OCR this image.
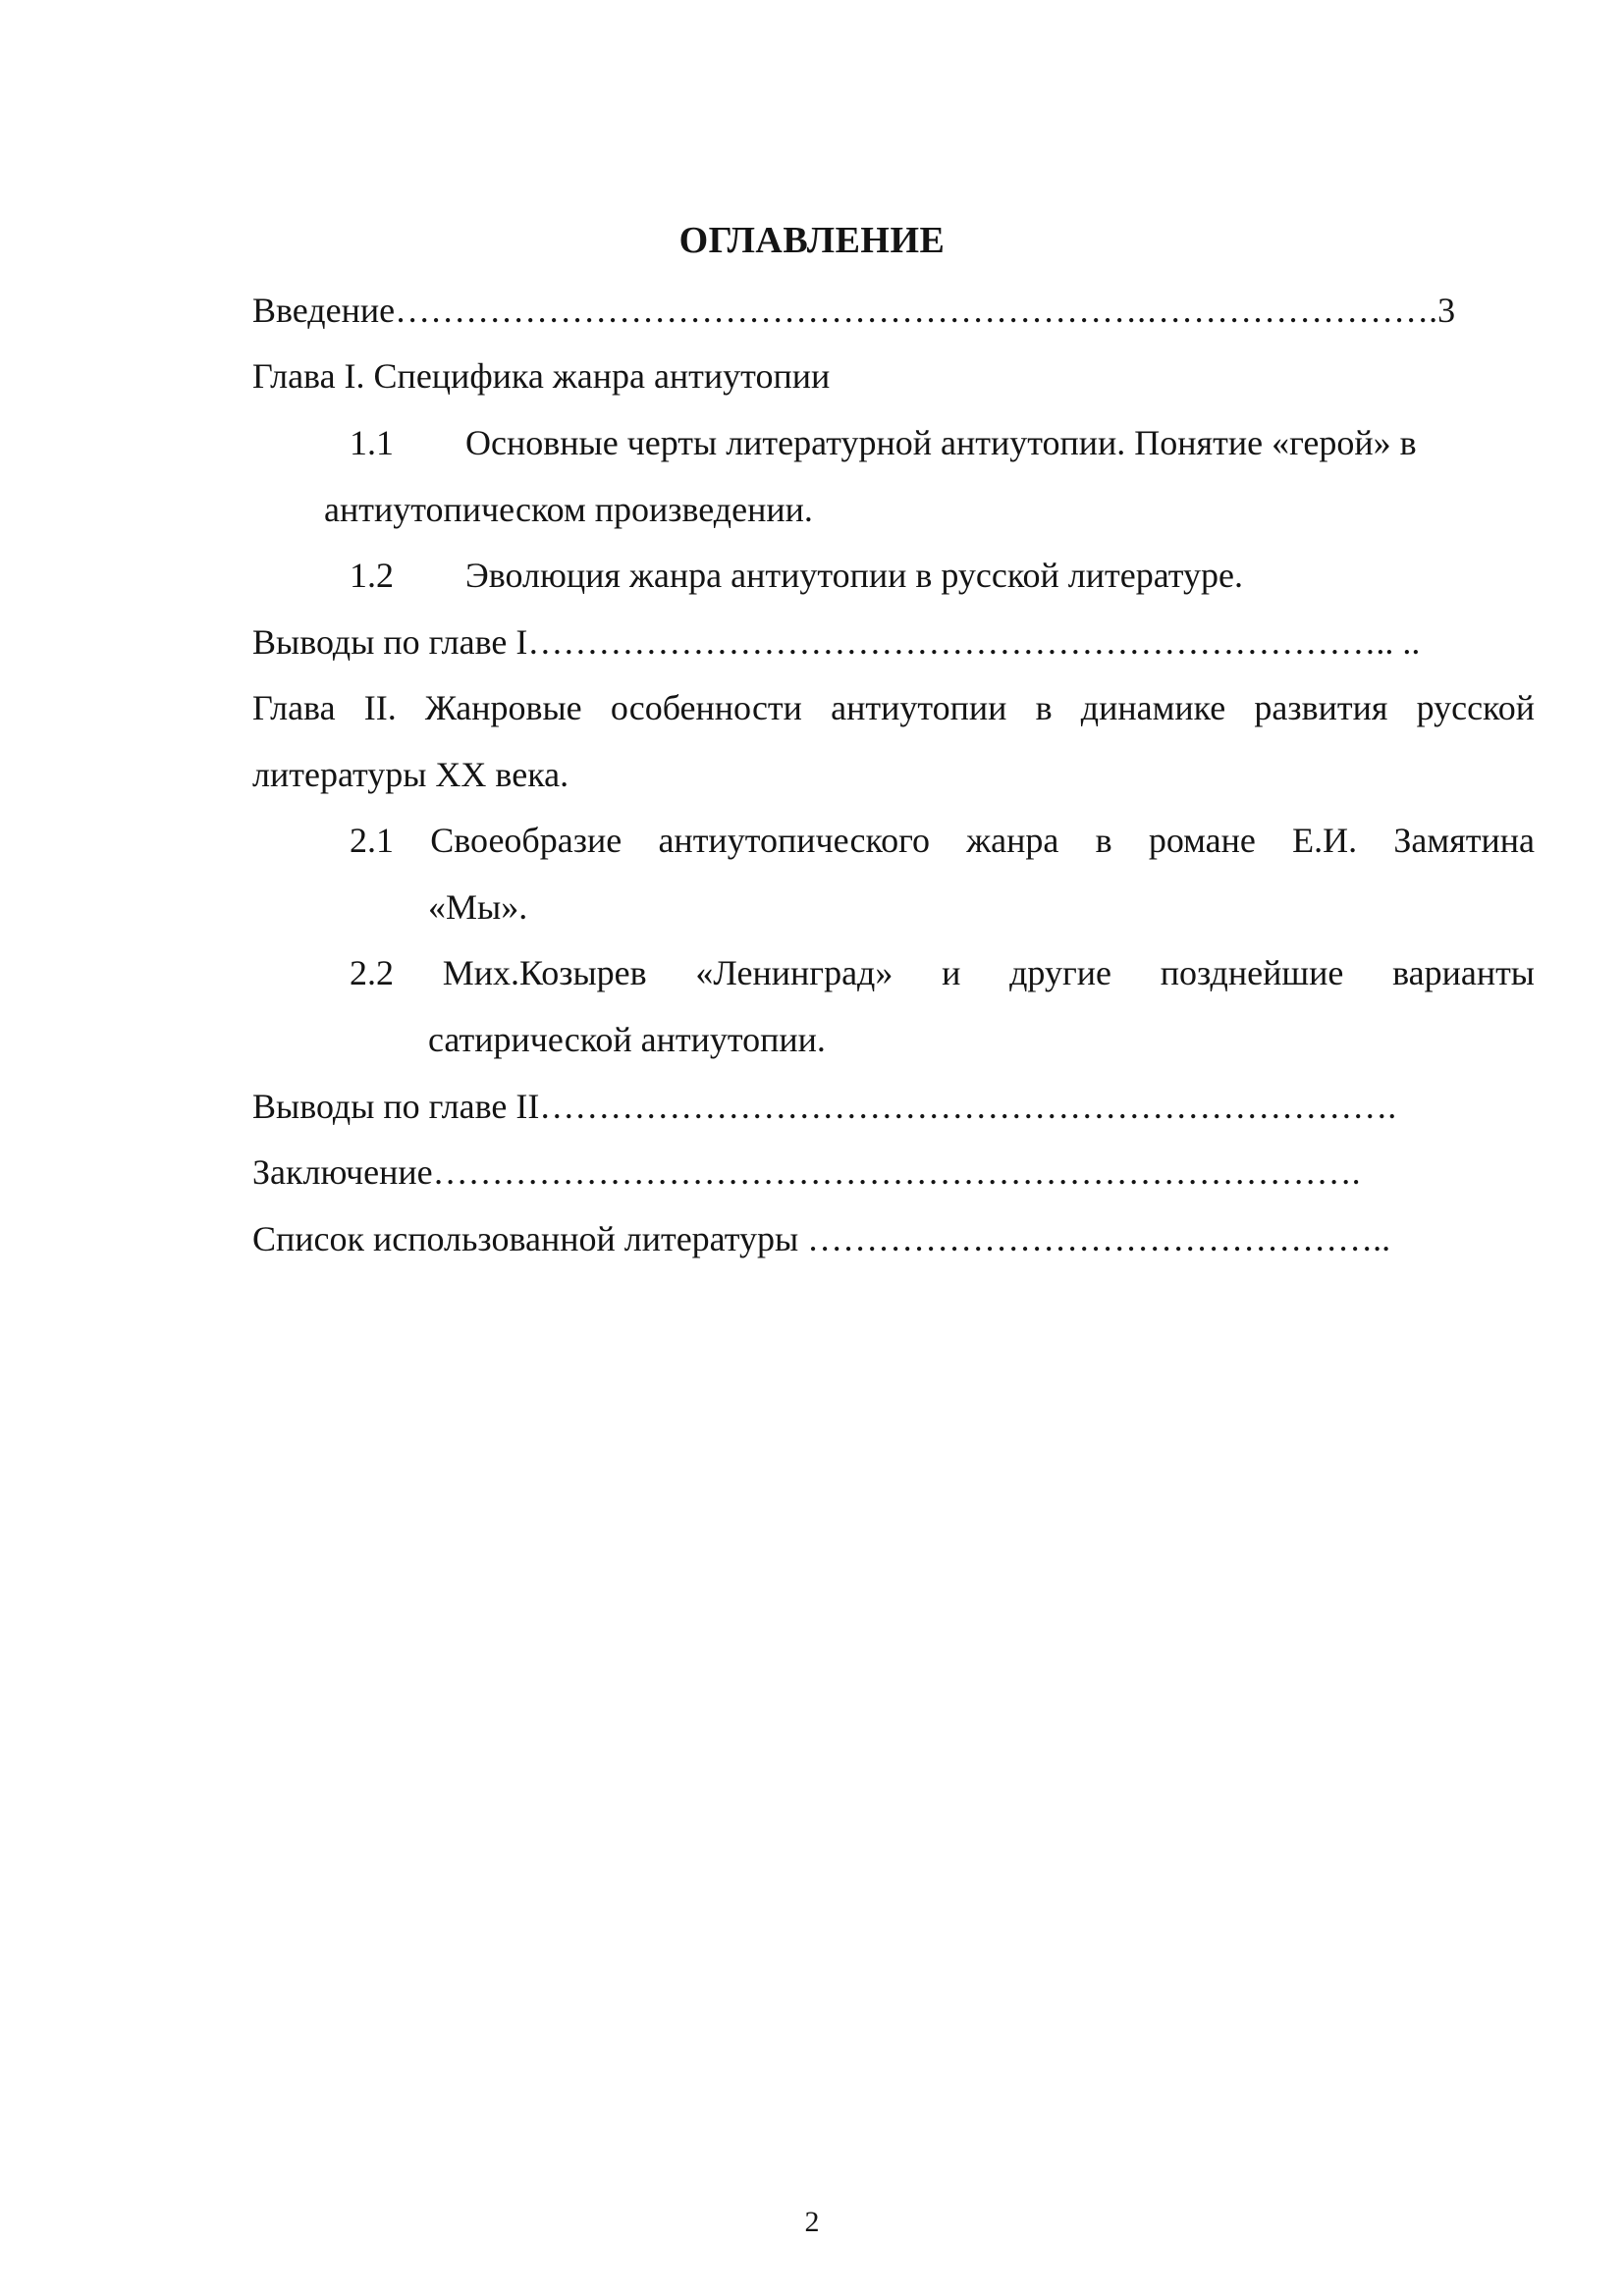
ОГЛАВЛЕНИЕ
Введение……………………………………………………….…………………….3
Глава I. Специфика жанра антиутопии
1.1 Основные черты литературной антиутопии. Понятие «герой» в
антиутопическом произведении.
1.2 Эволюция жанра антиутопии в русской литературе.
Выводы по главе I……………………………………………………………….. ..
Глава II. Жанровые особенности антиутопии в динамике развития русской
литературы XX века.
2.1 Своеобразие антиутопического жанра в романе Е.И. Замятина
«Мы».
2.2 Мих.Козырев «Ленинград» и другие позднейшие варианты
сатирической антиутопии.
Выводы по главе II……………………………………………………………….
Заключение…………………………………………………………………….
Список использованной литературы …………………………………………..
2
